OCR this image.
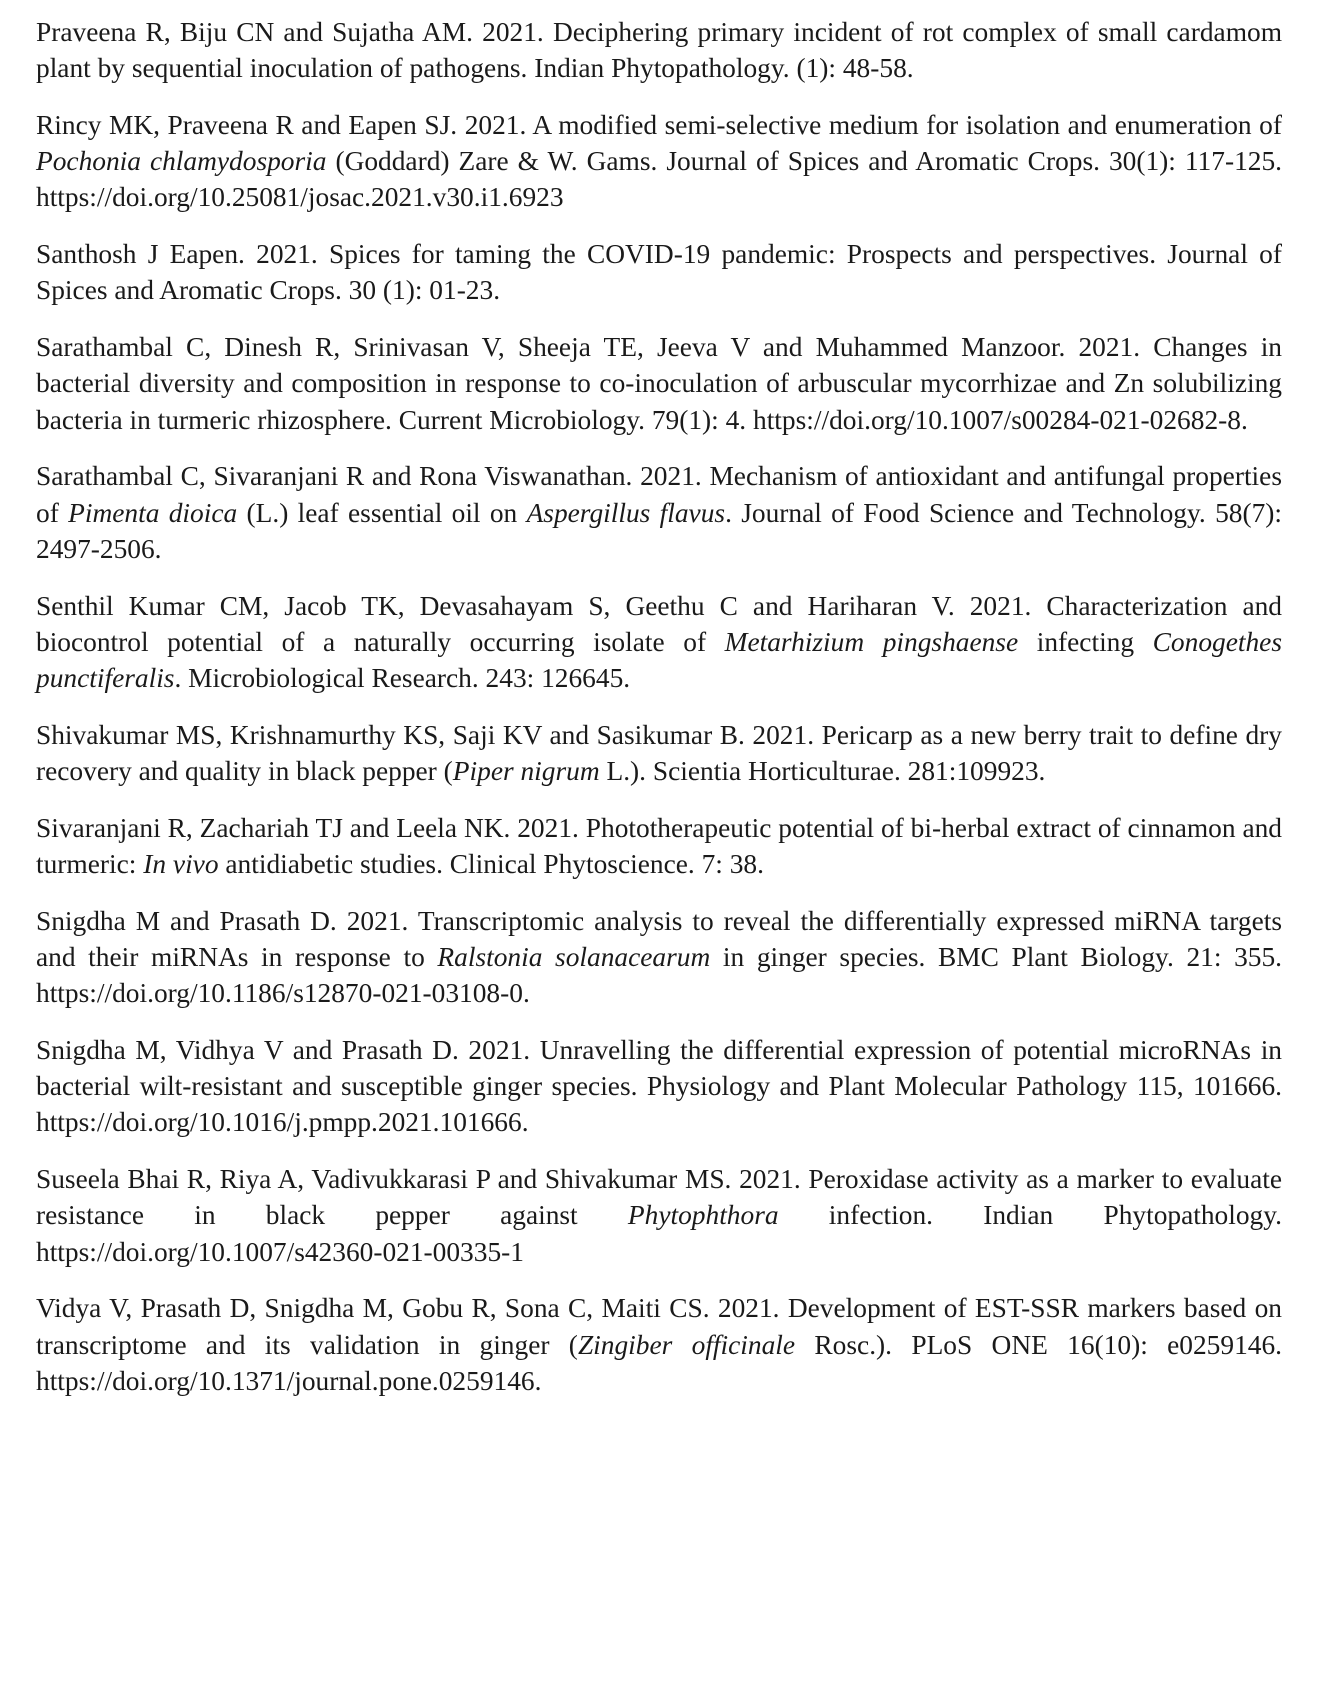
Praveena R, Biju CN and Sujatha AM. 2021. Deciphering primary incident of rot complex of small cardamom plant by sequential inoculation of pathogens. Indian Phytopathology. (1): 48-58.

Rincy MK, Praveena R and Eapen SJ. 2021. A modified semi-selective medium for isolation and enumeration of Pochonia chlamydosporia (Goddard) Zare & W. Gams. Journal of Spices and Aromatic Crops. 30(1): 117-125. https://doi.org/10.25081/josac.2021.v30.i1.6923

Santhosh J Eapen. 2021. Spices for taming the COVID-19 pandemic: Prospects and perspectives. Journal of Spices and Aromatic Crops. 30 (1): 01-23.

Sarathambal C, Dinesh R, Srinivasan V, Sheeja TE, Jeeva V and Muhammed Manzoor. 2021. Changes in bacterial diversity and composition in response to co-inoculation of arbuscular mycorrhizae and Zn solubilizing bacteria in turmeric rhizosphere. Current Microbiology. 79(1): 4. https://doi.org/10.1007/s00284-021-02682-8.

Sarathambal C, Sivaranjani R and Rona Viswanathan. 2021. Mechanism of antioxidant and antifungal properties of Pimenta dioica (L.) leaf essential oil on Aspergillus flavus. Journal of Food Science and Technology. 58(7): 2497-2506.

Senthil Kumar CM, Jacob TK, Devasahayam S, Geethu C and Hariharan V. 2021. Characterization and biocontrol potential of a naturally occurring isolate of Metarhizium pingshaense infecting Conogethes punctiferalis. Microbiological Research. 243: 126645.

Shivakumar MS, Krishnamurthy KS, Saji KV and Sasikumar B. 2021. Pericarp as a new berry trait to define dry recovery and quality in black pepper (Piper nigrum L.). Scientia Horticulturae. 281:109923.

Sivaranjani R, Zachariah TJ and Leela NK. 2021. Phototherapeutic potential of bi-herbal extract of cinnamon and turmeric: In vivo antidiabetic studies. Clinical Phytoscience. 7: 38.

Snigdha M and Prasath D. 2021. Transcriptomic analysis to reveal the differentially expressed miRNA targets and their miRNAs in response to Ralstonia solanacearum in ginger species. BMC Plant Biology. 21: 355. https://doi.org/10.1186/s12870-021-03108-0.

Snigdha M, Vidhya V and Prasath D. 2021. Unravelling the differential expression of potential microRNAs in bacterial wilt-resistant and susceptible ginger species. Physiology and Plant Molecular Pathology 115, 101666. https://doi.org/10.1016/j.pmpp.2021.101666.

Suseela Bhai R, Riya A, Vadivukkarasi P and Shivakumar MS. 2021. Peroxidase activity as a marker to evaluate resistance in black pepper against Phytophthora infection. Indian Phytopathology. https://doi.org/10.1007/s42360-021-00335-1

Vidya V, Prasath D, Snigdha M, Gobu R, Sona C, Maiti CS. 2021. Development of EST-SSR markers based on transcriptome and its validation in ginger (Zingiber officinale Rosc.). PLoS ONE 16(10): e0259146. https://doi.org/10.1371/journal.pone.0259146.
